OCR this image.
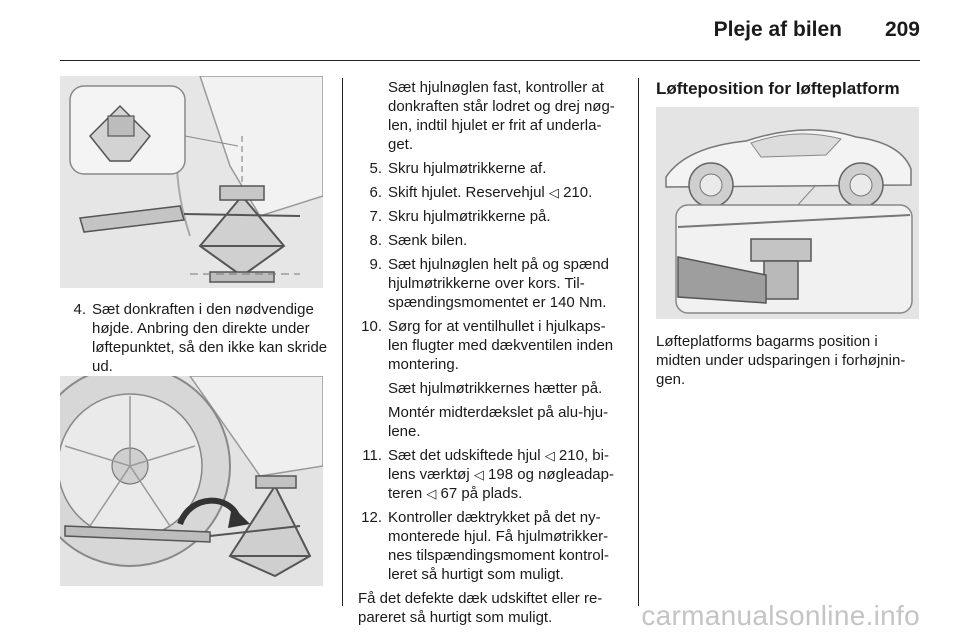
Pleje af bilen 209
4. Sæt donkraften i den nødvendige højde. Anbring den direkte under løftepunktet, så den ikke kan skride ud.
Sæt hjulnøglen fast, kontroller at donkraften står lodret og drej nøg-len, indtil hjulet er frit af underla-get.
5. Skru hjulmøtrikkerne af.
6. Skift hjulet. Reservehjul ◁ 210.
7. Skru hjulmøtrikkerne på.
8. Sænk bilen.
9. Sæt hjulnøglen helt på og spænd hjulmøtrikkerne over kors. Til-spændingsmomentet er 140 Nm.
10. Sørg for at ventilhullet i hjulkaps-len flugter med dækventilen inden montering.
Sæt hjulmøtrikkernes hætter på.
Montér midterdækslet på alu-hju-lene.
11. Sæt det udskiftede hjul ◁ 210, bi-lens værktøj ◁ 198 og nøgleadap-teren ◁ 67 på plads.
12. Kontroller dæktrykket på det ny-monterede hjul. Få hjulmøtrikker-nes tilspændingsmoment kontrol-leret så hurtigt som muligt.
Få det defekte dæk udskiftet eller re-pareret så hurtigt som muligt.
Løfteposition for løfteplatform
Løfteplatforms bagarms position i midten under udsparingen i forhøjnin-gen.
carmanualsonline.info
